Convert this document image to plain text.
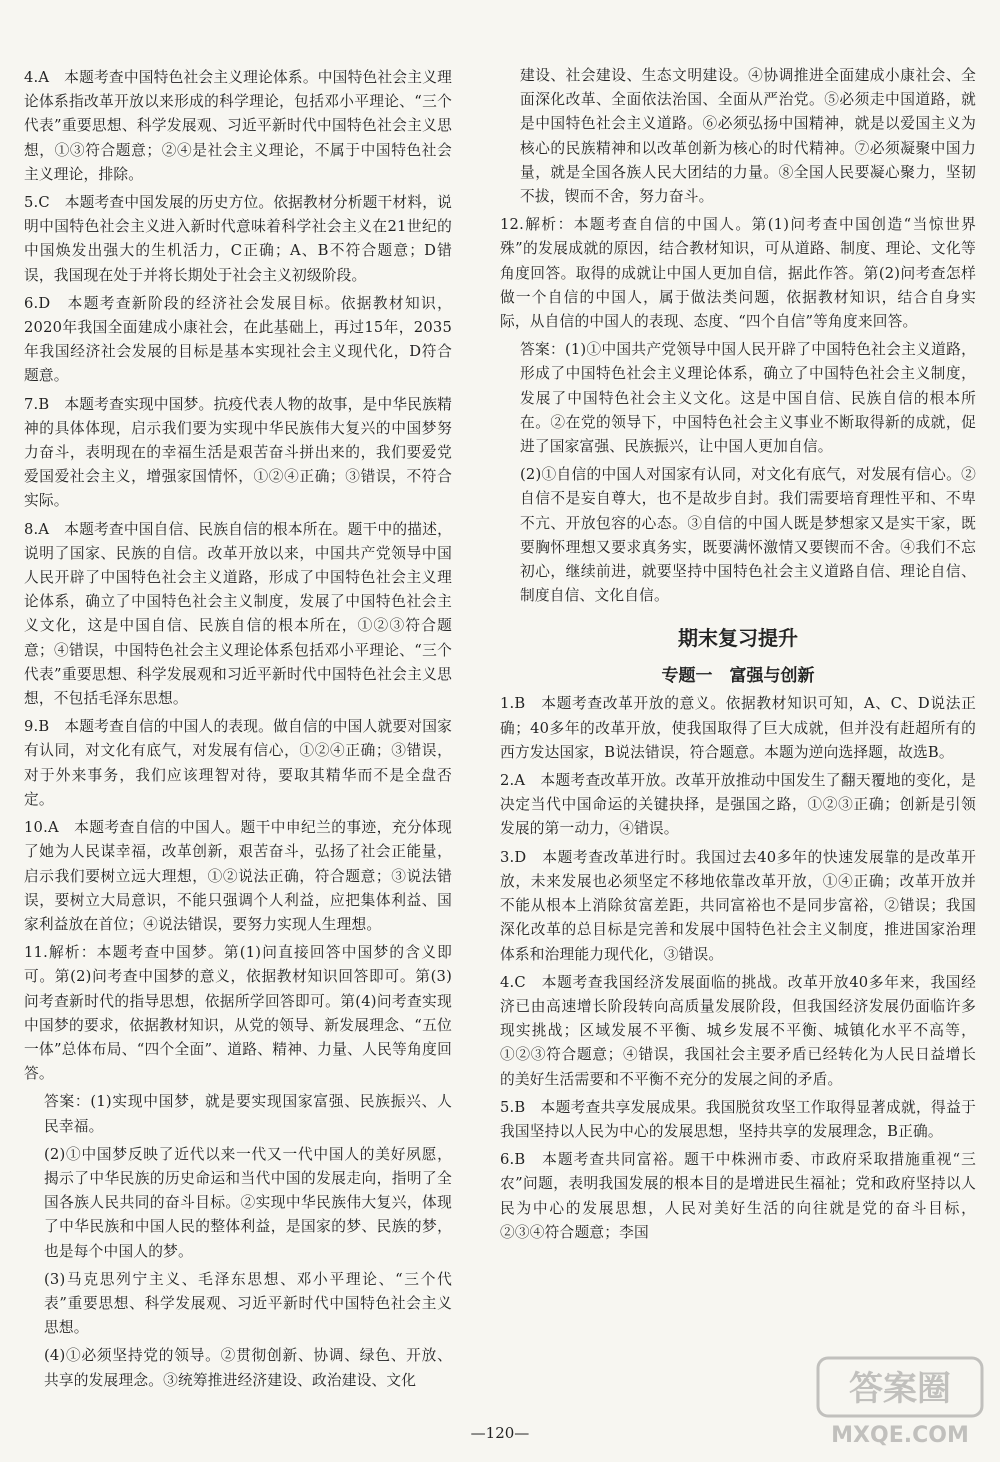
4.A　本题考查中国特色社会主义理论体系。中国特色社会主义理论体系指改革开放以来形成的科学理论，包括邓小平理论、“三个代表”重要思想、科学发展观、习近平新时代中国特色社会主义思想，①③符合题意；②④是社会主义理论，不属于中国特色社会主义理论，排除。

5.C　本题考查中国发展的历史方位。依据教材分析题干材料，说明中国特色社会主义进入新时代意味着科学社会主义在21世纪的中国焕发出强大的生机活力，C正确；A、B不符合题意；D错误，我国现在处于并将长期处于社会主义初级阶段。

6.D　本题考查新阶段的经济社会发展目标。依据教材知识，2020年我国全面建成小康社会，在此基础上，再过15年，2035年我国经济社会发展的目标是基本实现社会主义现代化，D符合题意。

7.B　本题考查实现中国梦。抗疫代表人物的故事，是中华民族精神的具体体现，启示我们要为实现中华民族伟大复兴的中国梦努力奋斗，表明现在的幸福生活是艰苦奋斗拼出来的，我们要爱党爱国爱社会主义，增强家国情怀，①②④正确；③错误，不符合实际。

8.A　本题考查中国自信、民族自信的根本所在。题干中的描述，说明了国家、民族的自信。改革开放以来，中国共产党领导中国人民开辟了中国特色社会主义道路，形成了中国特色社会主义理论体系，确立了中国特色社会主义制度，发展了中国特色社会主义文化，这是中国自信、民族自信的根本所在，①②③符合题意；④错误，中国特色社会主义理论体系包括邓小平理论、“三个代表”重要思想、科学发展观和习近平新时代中国特色社会主义思想，不包括毛泽东思想。

9.B　本题考查自信的中国人的表现。做自信的中国人就要对国家有认同，对文化有底气，对发展有信心，①②④正确；③错误，对于外来事务，我们应该理智对待，要取其精华而不是全盘否定。

10.A　本题考查自信的中国人。题干中申纪兰的事迹，充分体现了她为人民谋幸福，改革创新，艰苦奋斗，弘扬了社会正能量，启示我们要树立远大理想，①②说法正确，符合题意；③说法错误，要树立大局意识，不能只强调个人利益，应把集体利益、国家利益放在首位；④说法错误，要努力实现人生理想。

11.解析：本题考查中国梦。第(1)问直接回答中国梦的含义即可。第(2)问考查中国梦的意义，依据教材知识回答即可。第(3)问考查新时代的指导思想，依据所学回答即可。第(4)问考查实现中国梦的要求，依据教材知识，从党的领导、新发展理念、“五位一体”总体布局、“四个全面”、道路、精神、力量、人民等角度回答。

答案：(1)实现中国梦，就是要实现国家富强、民族振兴、人民幸福。

(2)①中国梦反映了近代以来一代又一代中国人的美好夙愿，揭示了中华民族的历史命运和当代中国的发展走向，指明了全国各族人民共同的奋斗目标。②实现中华民族伟大复兴，体现了中华民族和中国人民的整体利益，是国家的梦、民族的梦，也是每个中国人的梦。

(3)马克思列宁主义、毛泽东思想、邓小平理论、“三个代表”重要思想、科学发展观、习近平新时代中国特色社会主义思想。

(4)①必须坚持党的领导。②贯彻创新、协调、绿色、开放、共享的发展理念。③统筹推进经济建设、政治建设、文化

建设、社会建设、生态文明建设。④协调推进全面建成小康社会、全面深化改革、全面依法治国、全面从严治党。⑤必须走中国道路，就是中国特色社会主义道路。⑥必须弘扬中国精神，就是以爱国主义为核心的民族精神和以改革创新为核心的时代精神。⑦必须凝聚中国力量，就是全国各族人民大团结的力量。⑧全国人民要凝心聚力，坚韧不拔，锲而不舍，努力奋斗。

12.解析：本题考查自信的中国人。第(1)问考查中国创造“当惊世界殊”的发展成就的原因，结合教材知识，可从道路、制度、理论、文化等角度回答。取得的成就让中国人更加自信，据此作答。第(2)问考查怎样做一个自信的中国人，属于做法类问题，依据教材知识，结合自身实际，从自信的中国人的表现、态度、“四个自信”等角度来回答。

答案：(1)①中国共产党领导中国人民开辟了中国特色社会主义道路，形成了中国特色社会主义理论体系，确立了中国特色社会主义制度，发展了中国特色社会主义文化。这是中国自信、民族自信的根本所在。②在党的领导下，中国特色社会主义事业不断取得新的成就，促进了国家富强、民族振兴，让中国人更加自信。

(2)①自信的中国人对国家有认同，对文化有底气，对发展有信心。②自信不是妄自尊大，也不是故步自封。我们需要培育理性平和、不卑不亢、开放包容的心态。③自信的中国人既是梦想家又是实干家，既要胸怀理想又要求真务实，既要满怀激情又要锲而不舍。④我们不忘初心，继续前进，就要坚持中国特色社会主义道路自信、理论自信、制度自信、文化自信。

期末复习提升
专题一　富强与创新

1.B　本题考查改革开放的意义。依据教材知识可知，A、C、D说法正确；40多年的改革开放，使我国取得了巨大成就，但并没有赶超所有的西方发达国家，B说法错误，符合题意。本题为逆向选择题，故选B。

2.A　本题考查改革开放。改革开放推动中国发生了翻天覆地的变化，是决定当代中国命运的关键抉择，是强国之路，①②③正确；创新是引领发展的第一动力，④错误。

3.D　本题考查改革进行时。我国过去40多年的快速发展靠的是改革开放，未来发展也必须坚定不移地依靠改革开放，①④正确；改革开放并不能从根本上消除贫富差距，共同富裕也不是同步富裕，②错误；我国深化改革的总目标是完善和发展中国特色社会主义制度，推进国家治理体系和治理能力现代化，③错误。

4.C　本题考查我国经济发展面临的挑战。改革开放40多年来，我国经济已由高速增长阶段转向高质量发展阶段，但我国经济发展仍面临许多现实挑战；区域发展不平衡、城乡发展不平衡、城镇化水平不高等，①②③符合题意；④错误，我国社会主要矛盾已经转化为人民日益增长的美好生活需要和不平衡不充分的发展之间的矛盾。

5.B　本题考查共享发展成果。我国脱贫攻坚工作取得显著成就，得益于我国坚持以人民为中心的发展思想，坚持共享的发展理念，B正确。

6.B　本题考查共同富裕。题干中株洲市委、市政府采取措施重视“三农”问题，表明我国发展的根本目的是增进民生福祉；党和政府坚持以人民为中心的发展思想，人民对美好生活的向往就是党的奋斗目标，②③④符合题意；李国

—120—
答案圈
MXQE.COM
